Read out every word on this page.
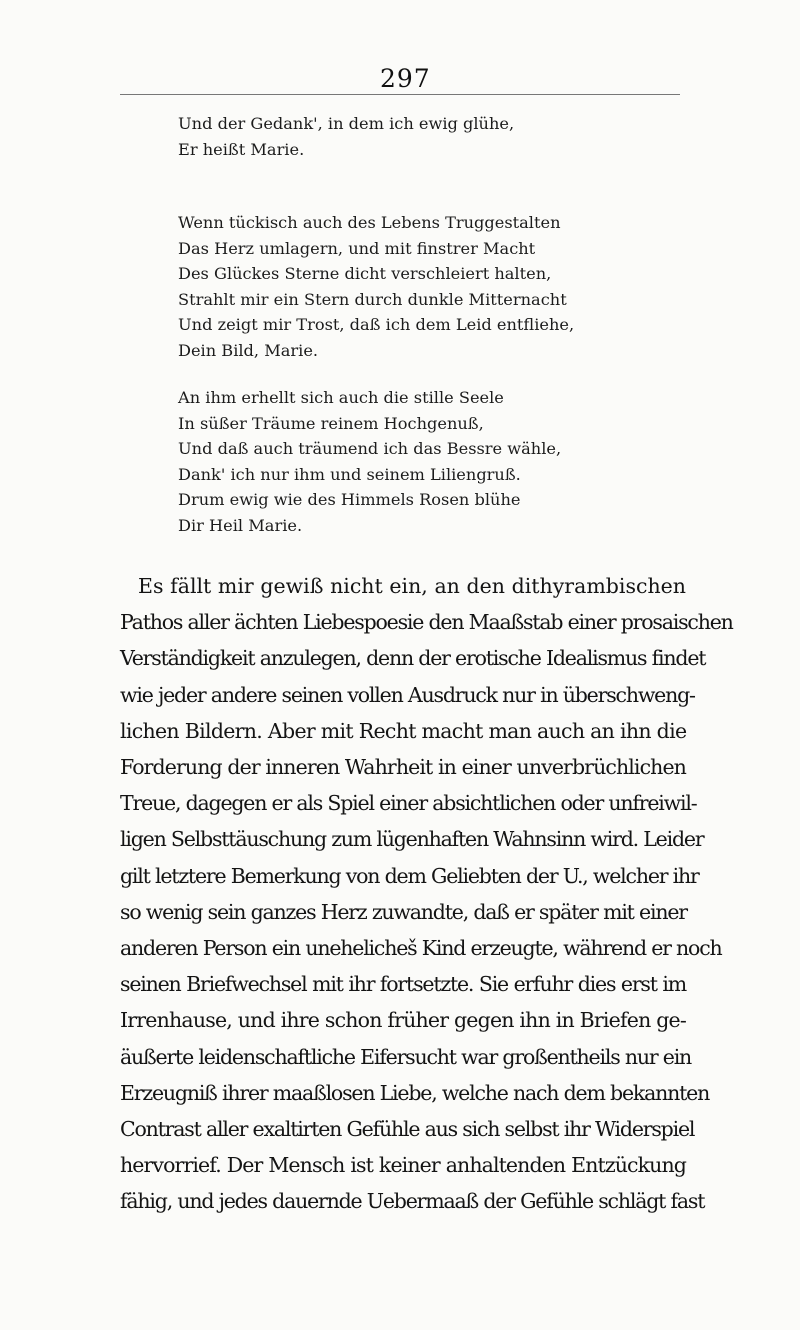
297

Und der Gedank', in dem ich ewig glühe,

Er heißt Marie.

Wenn tückisch auch des Lebens Truggestalten

Das Herz umlagern, und mit finstrer Macht

Des Glückes Sterne dicht verschleiert halten,

Strahlt mir ein Stern durch dunkle Mitternacht

Und zeigt mir Trost, daß ich dem Leid entfliehe,

Dein Bild, Marie.

An ihm erhellt sich auch die stille Seele

In süßer Träume reinem Hochgenuß,

Und daß auch träumend ich das Bessre wähle,

Dank' ich nur ihm und seinem Liliengruß.

Drum ewig wie des Himmels Rosen blühe

Dir Heil Marie.

Es fällt mir gewiß nicht ein, an den dithyrambischen

Pathos aller ächten Liebespoesie den Maaßstab einer prosaischen

Verständigkeit anzulegen, denn der erotische Idealismus findet

wie jeder andere seinen vollen Ausdruck nur in überschweng-

lichen Bildern. Aber mit Recht macht man auch an ihn die

Forderung der inneren Wahrheit in einer unverbrüchlichen

Treue, dagegen er als Spiel einer absichtlichen oder unfreiwil-

ligen Selbsttäuschung zum lügenhaften Wahnsinn wird. Leider

gilt letztere Bemerkung von dem Geliebten der U., welcher ihr

so wenig sein ganzes Herz zuwandte, daß er später mit einer

anderen Person ein unehelicheš Kind erzeugte, während er noch

seinen Briefwechsel mit ihr fortsetzte. Sie erfuhr dies erst im

Irrenhause, und ihre schon früher gegen ihn in Briefen ge-

äußerte leidenschaftliche Eifersucht war großentheils nur ein

Erzeugniß ihrer maaßlosen Liebe, welche nach dem bekannten

Contrast aller exaltirten Gefühle aus sich selbst ihr Widerspiel

hervorrief. Der Mensch ist keiner anhaltenden Entzückung

fähig, und jedes dauernde Uebermaaß der Gefühle schlägt fast
